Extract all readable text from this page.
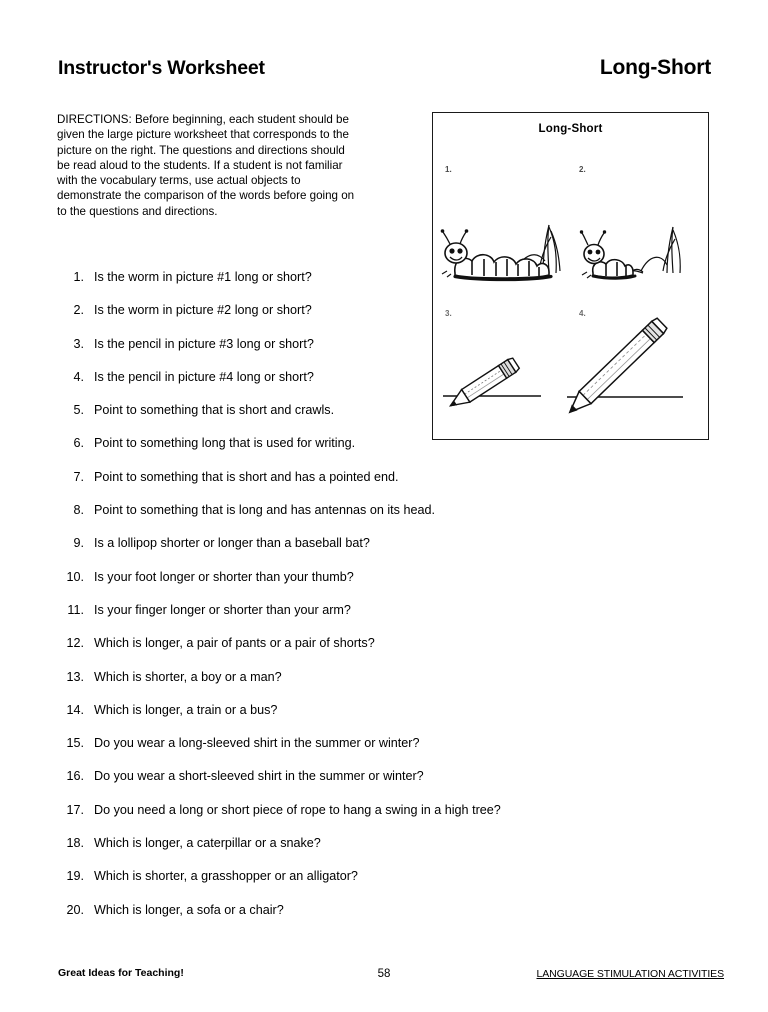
Instructor's Worksheet	Long-Short
DIRECTIONS: Before beginning, each student should be given the large picture worksheet that corresponds to the picture on the right. The questions and directions should be read aloud to the students. If a student is not familiar with the vocabulary terms, use actual objects to demonstrate the comparison of the words before going on to the questions and directions.
Long-Short
1.	2.
3.	4.
1. Is the worm in picture #1 long or short?
2. Is the worm in picture #2 long or short?
3. Is the pencil in picture #3 long or short?
4. Is the pencil in picture #4 long or short?
5. Point to something that is short and crawls.
6. Point to something long that is used for writing.
7. Point to something that is short and has a pointed end.
8. Point to something that is long and has antennas on its head.
9. Is a lollipop shorter or longer than a baseball bat?
10. Is your foot longer or shorter than your thumb?
11. Is your finger longer or shorter than your arm?
12. Which is longer, a pair of pants or a pair of shorts?
13. Which is shorter, a boy or a man?
14. Which is longer, a train or a bus?
15. Do you wear a long-sleeved shirt in the summer or winter?
16. Do you wear a short-sleeved shirt in the summer or winter?
17. Do you need a long or short piece of rope to hang a swing in a high tree?
18. Which is longer, a caterpillar or a snake?
19. Which is shorter, a grasshopper or an alligator?
20. Which is longer, a sofa or a chair?
Great Ideas for Teaching!	58	LANGUAGE STIMULATION ACTIVITIES
